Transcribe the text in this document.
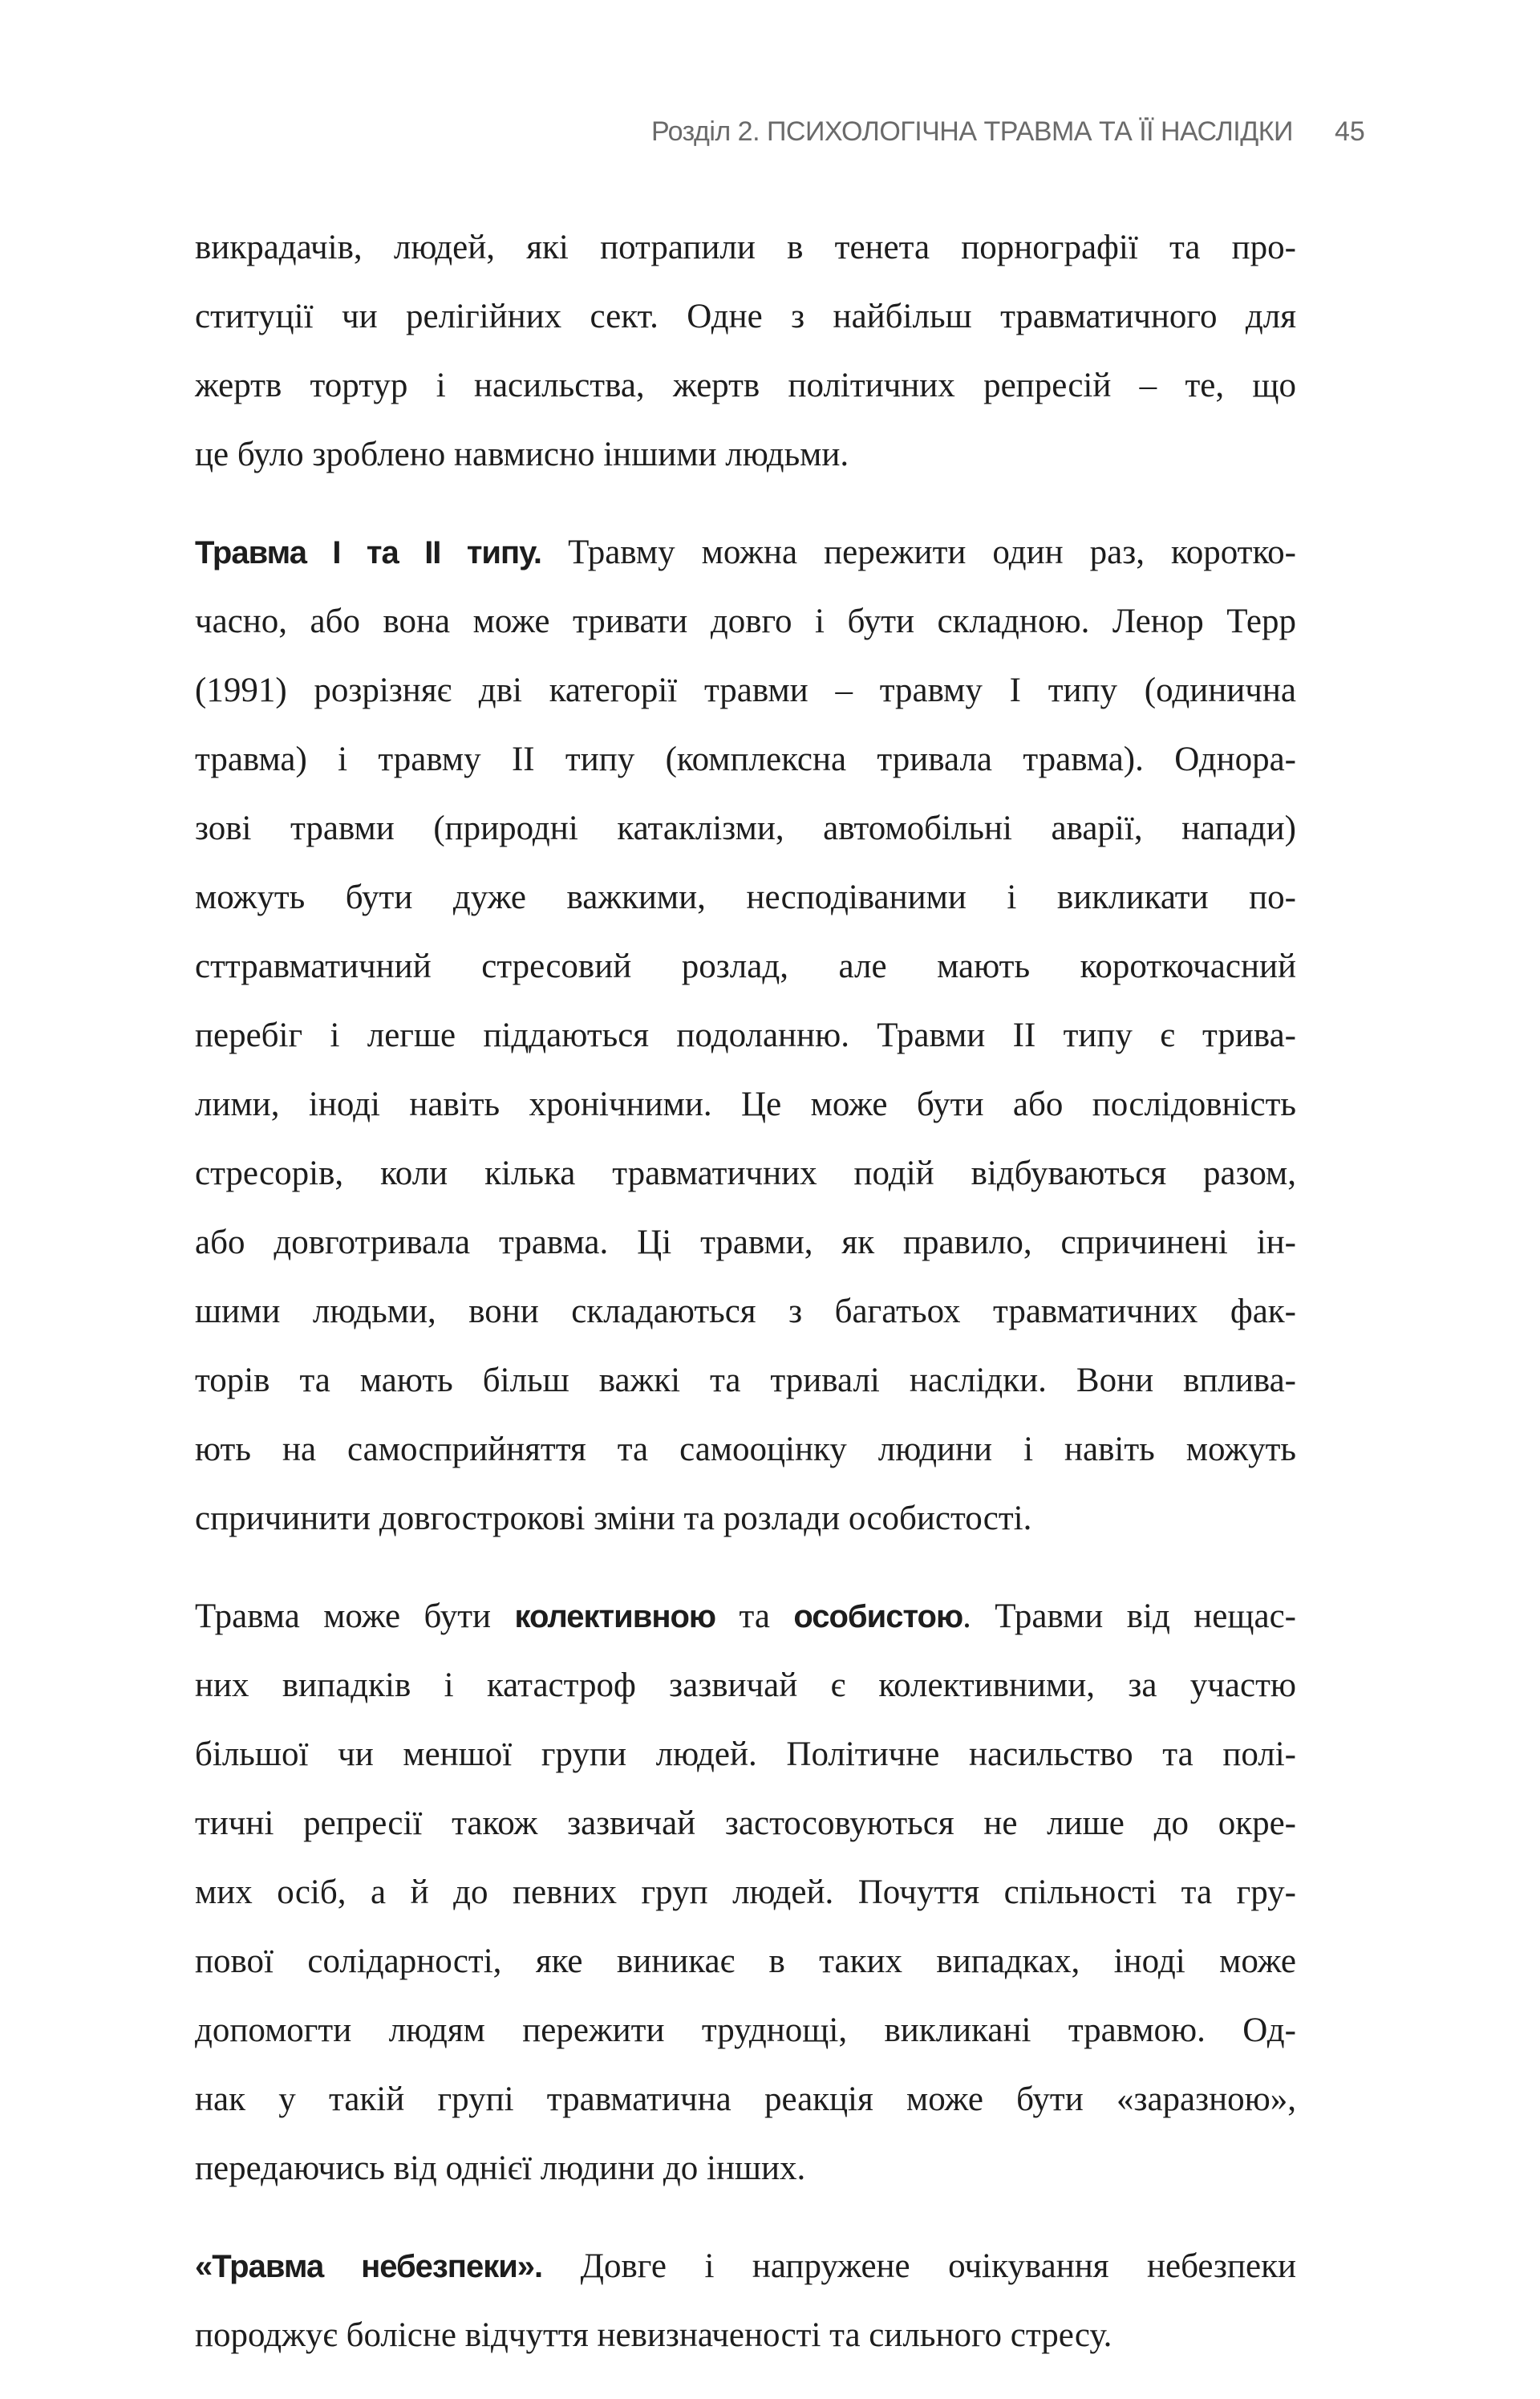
Розділ 2. ПСИХОЛОГІЧНА ТРАВМА ТА ЇЇ НАСЛІДКИ 45
викрадачів, людей, які потрапили в тенета порнографії та про-
ституції чи релігійних сект. Одне з найбільш травматичного для
жертв тортур і насильства, жертв політичних репресій – те, що
це було зроблено навмисно іншими людьми.
Травма І та ІІ типу. Травму можна пережити один раз, коротко-
часно, або вона може тривати довго і бути складною. Ленор Терр
(1991) розрізняє дві категорії травми – травму І типу (одинична
травма) і травму ІІ типу (комплексна тривала травма). Однора-
зові травми (природні катаклізми, автомобільні аварії, напади)
можуть бути дуже важкими, несподіваними і викликати по-
сттравматичний стресовий розлад, але мають короткочасний
перебіг і легше піддаються подоланню. Травми ІІ типу є трива-
лими, іноді навіть хронічними. Це може бути або послідовність
стресорів, коли кілька травматичних подій відбуваються разом,
або довготривала травма. Ці травми, як правило, спричинені ін-
шими людьми, вони складаються з багатьох травматичних фак-
торів та мають більш важкі та тривалі наслідки. Вони вплива-
ють на самосприйняття та самооцінку людини і навіть можуть
спричинити довгострокові зміни та розлади особистості.
Травма може бути колективною та особистою. Травми від нещас-
них випадків і катастроф зазвичай є колективними, за участю
більшої чи меншої групи людей. Політичне насильство та полі-
тичні репресії також зазвичай застосовуються не лише до окре-
мих осіб, а й до певних груп людей. Почуття спільності та гру-
пової солідарності, яке виникає в таких випадках, іноді може
допомогти людям пережити труднощі, викликані травмою. Од-
нак у такій групі травматична реакція може бути «заразною»,
передаючись від однієї людини до інших.
«Травма небезпеки». Довге і напружене очікування небезпеки
породжує болісне відчуття невизначеності та сильного стресу.
